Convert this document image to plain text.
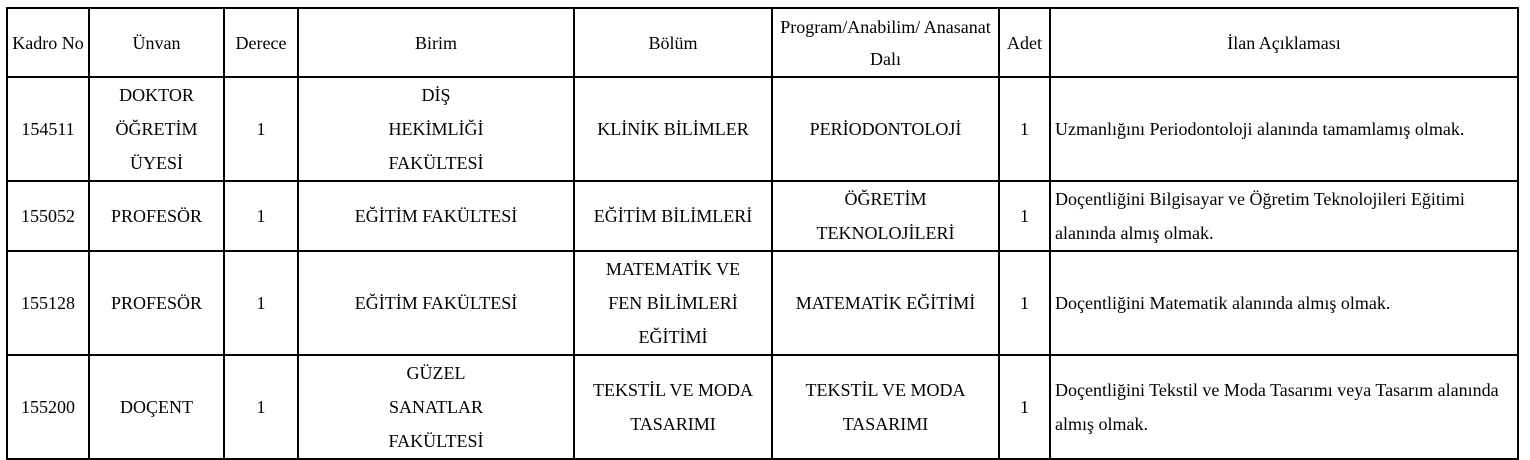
Kadro No	Ünvan	Derece	Birim	Bölüm	Program/Anabilim/ Anasanat Dalı	Adet	İlan Açıklaması
154511	DOKTOR ÖĞRETİM ÜYESİ	1	DİŞ HEKİMLİĞİ FAKÜLTESİ	KLİNİK BİLİMLER	PERİODONTOLOJİ	1	Uzmanlığını Periodontoloji alanında tamamlamış olmak.
155052	PROFESÖR	1	EĞİTİM FAKÜLTESİ	EĞİTİM BİLİMLERİ	ÖĞRETİM TEKNOLOJİLERİ	1	Doçentliğini Bilgisayar ve Öğretim Teknolojileri Eğitimi alanında almış olmak.
155128	PROFESÖR	1	EĞİTİM FAKÜLTESİ	MATEMATİK VE FEN BİLİMLERİ EĞİTİMİ	MATEMATİK EĞİTİMİ	1	Doçentliğini Matematik alanında almış olmak.
155200	DOÇENT	1	GÜZEL SANATLAR FAKÜLTESİ	TEKSTİL VE MODA TASARIMI	TEKSTİL VE MODA TASARIMI	1	Doçentliğini Tekstil ve Moda Tasarımı veya Tasarım alanında almış olmak.
